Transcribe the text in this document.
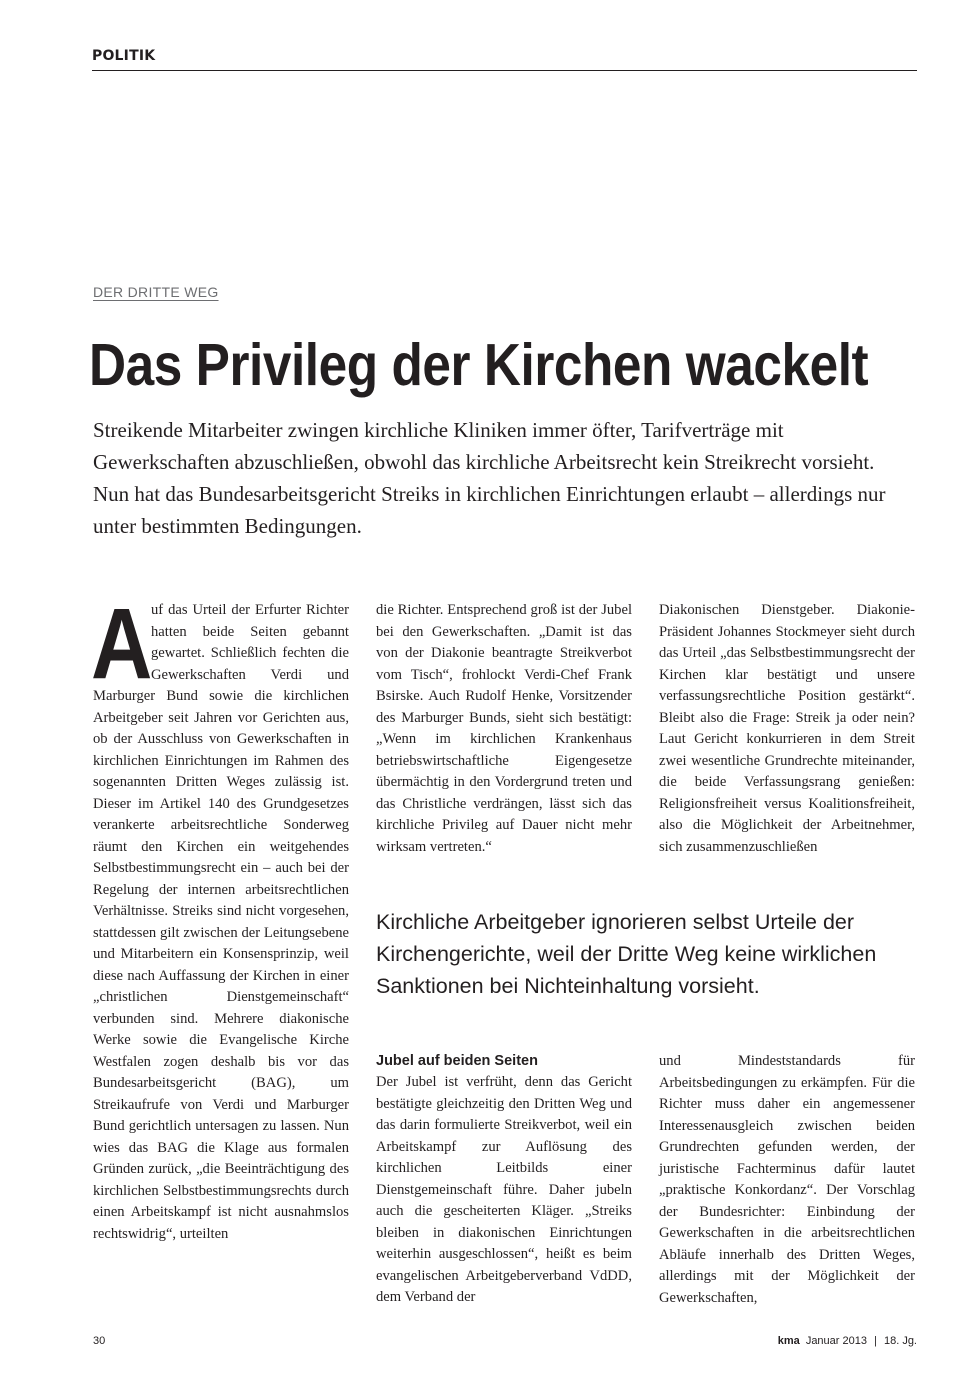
POLITIK
DER DRITTE WEG
Das Privileg der Kirchen wackelt

Streikende Mitarbeiter zwingen kirchliche Kliniken immer öfter, Tarifverträge mit Gewerkschaften abzuschließen, obwohl das kirchliche Arbeitsrecht kein Streikrecht vorsieht. Nun hat das Bundesarbeitsgericht Streiks in kirchlichen Einrichtungen erlaubt – allerdings nur unter bestimmten Bedingungen.

A
uf das Urteil der Erfurter Richter hatten beide Seiten gebannt gewartet. Schließlich fechten die Gewerkschaften Verdi und Marburger Bund sowie die kirchlichen Arbeitgeber seit Jahren vor Gerichten aus, ob der Ausschluss von Gewerkschaften in kirchlichen Einrichtungen im Rahmen des sogenannten Dritten Weges zulässig ist. Dieser im Artikel 140 des Grundgesetzes verankerte arbeitsrechtliche Sonderweg räumt den Kirchen ein weitgehendes Selbstbestimmungsrecht ein – auch bei der Regelung der internen arbeitsrechtlichen Verhältnisse. Streiks sind nicht vorgesehen, stattdessen gilt zwischen der Leitungsebene und Mitarbeitern ein Konsensprinzip, weil diese nach Auffassung der Kirchen in einer „christlichen Dienstgemeinschaft“ verbunden sind. Mehrere diakonische Werke sowie die Evangelische Kirche Westfalen zogen deshalb bis vor das Bundesarbeitsgericht (BAG), um Streikaufrufe von Verdi und Marburger Bund gerichtlich untersagen zu lassen. Nun wies das BAG die Klage aus formalen Gründen zurück, „die Beeinträchtigung des kirchlichen Selbstbestimmungsrechts durch einen Arbeitskampf ist nicht ausnahmslos rechtswidrig“, urteilten
die Richter. Entsprechend groß ist der Jubel bei den Gewerkschaften. „Damit ist das von der Diakonie beantragte Streikverbot vom Tisch“, frohlockt Verdi-Chef Frank Bsirske. Auch Rudolf Henke, Vorsitzender des Marburger Bunds, sieht sich bestätigt: „Wenn im kirchlichen Krankenhaus betriebswirtschaftliche Eigengesetze übermächtig in den Vordergrund treten und das Christliche verdrängen, lässt sich das kirchliche Privileg auf Dauer nicht mehr wirksam vertreten.“
Diakonischen Dienstgeber. Diakonie-Präsident Johannes Stockmeyer sieht durch das Urteil „das Selbstbestimmungsrecht der Kirchen klar bestätigt und unsere verfassungsrechtliche Position gestärkt“. Bleibt also die Frage: Streik ja oder nein? Laut Gericht konkurrieren in dem Streit zwei wesentliche Grundrechte miteinander, die beide Verfassungsrang genießen: Religionsfreiheit versus Koalitionsfreiheit, also die Möglichkeit der Arbeitnehmer, sich zusammenzuschließen

Kirchliche Arbeitgeber ignorieren selbst Urteile der Kirchengerichte, weil der Dritte Weg keine wirklichen Sanktionen bei Nichteinhaltung vorsieht.

Jubel auf beiden Seiten
Der Jubel ist verfrüht, denn das Gericht bestätigte gleichzeitig den Dritten Weg und das darin formulierte Streikverbot, weil ein Arbeitskampf zur Auflösung des kirchlichen Leitbilds einer Dienstgemeinschaft führe. Daher jubeln auch die gescheiterten Kläger. „Streiks bleiben in diakonischen Einrichtungen weiterhin ausgeschlossen“, heißt es beim evangelischen Arbeitgeberverband VdDD, dem Verband der
und Mindeststandards für Arbeitsbedingungen zu erkämpfen. Für die Richter muss daher ein angemessener Interessenausgleich zwischen beiden Grundrechten gefunden werden, der juristische Fachterminus dafür lautet „praktische Konkordanz“. Der Vorschlag der Bundesrichter: Einbindung der Gewerkschaften in die arbeitsrechtlichen Abläufe innerhalb des Dritten Weges, allerdings mit der Möglichkeit der Gewerkschaften,
30	kma Januar 2013 | 18. Jg.
